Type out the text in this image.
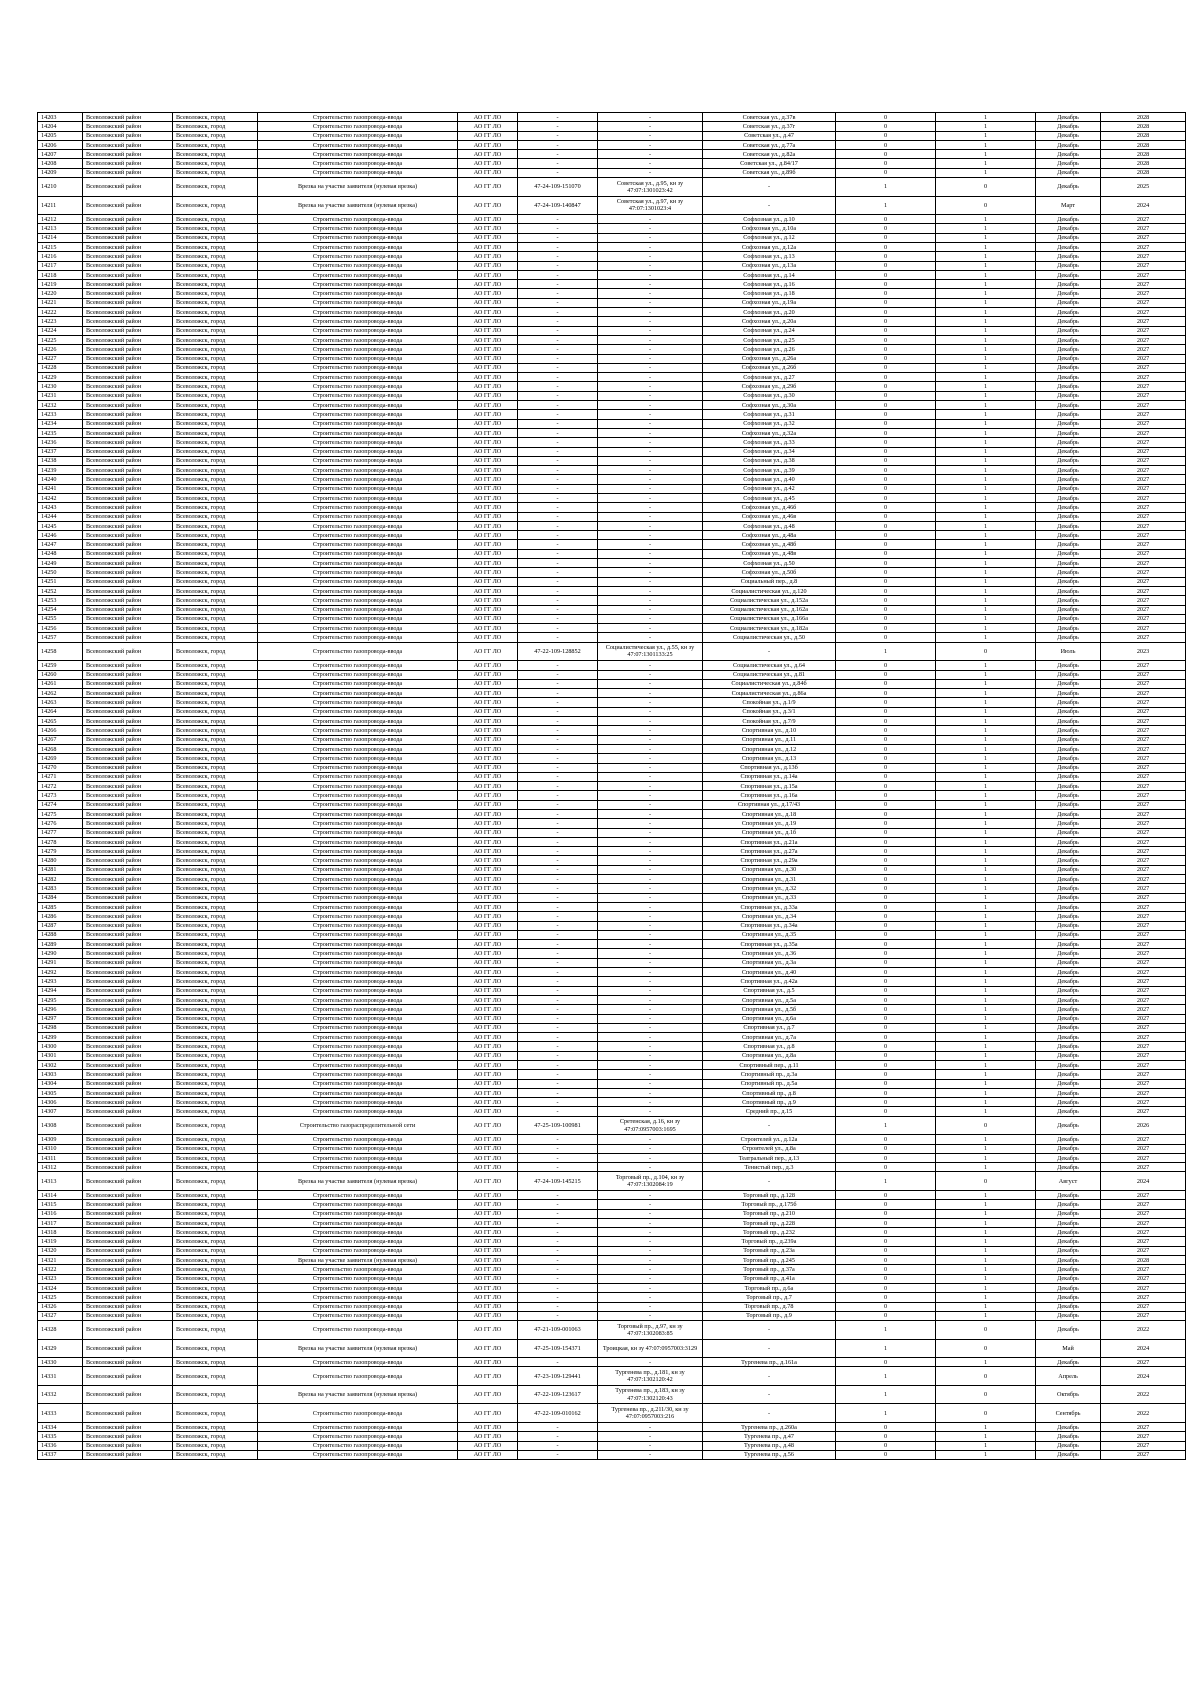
14203	Всеволожский район	Всеволожск, город	Строительство газопровода-ввода	АО ГГ ЛО	-	-	Советская ул., д.37в	0	1	Декабрь	2028
14204	Всеволожский район	Всеволожск, город	Строительство газопровода-ввода	АО ГГ ЛО	-	-	Советская ул., д.37г	0	1	Декабрь	2028
14205	Всеволожский район	Всеволожск, город	Строительство газопровода-ввода	АО ГГ ЛО	-	-	Советская ул., д.47	0	1	Декабрь	2028
14206	Всеволожский район	Всеволожск, город	Строительство газопровода-ввода	АО ГГ ЛО	-	-	Советская ул., д.77а	0	1	Декабрь	2028
14207	Всеволожский район	Всеволожск, город	Строительство газопровода-ввода	АО ГГ ЛО	-	-	Советская ул., д.82а	0	1	Декабрь	2028
14208	Всеволожский район	Всеволожск, город	Строительство газопровода-ввода	АО ГГ ЛО	-	-	Советская ул., д.84/17	0	1	Декабрь	2028
14209	Всеволожский район	Всеволожск, город	Строительство газопровода-ввода	АО ГГ ЛО	-	-	Советская ул., д.89б	0	1	Декабрь	2028
14210	Всеволожский район	Всеволожск, город	Врезка на участке заявителя (нулевая врезка)	АО ГГ ЛО	47-24-109-151070	Советская ул., д.95, кн зу 47:07:1301023:42	-	1	0	Декабрь	2025
14211	Всеволожский район	Всеволожск, город	Врезка на участке заявителя (нулевая врезка)	АО ГГ ЛО	47-24-109-140847	Советская ул., д.97, кн зу 47:07:1301023:4	-	1	0	Март	2024
14212	Всеволожский район	Всеволожск, город	Строительство газопровода-ввода	АО ГГ ЛО	-	-	Софхозная ул., д.10	0	1	Декабрь	2027
14213	Всеволожский район	Всеволожск, город	Строительство газопровода-ввода	АО ГГ ЛО	-	-	Софхозная ул., д.10а	0	1	Декабрь	2027
14214	Всеволожский район	Всеволожск, город	Строительство газопровода-ввода	АО ГГ ЛО	-	-	Софхозная ул., д.12	0	1	Декабрь	2027
14215	Всеволожский район	Всеволожск, город	Строительство газопровода-ввода	АО ГГ ЛО	-	-	Софхозная ул., д.12а	0	1	Декабрь	2027
14216	Всеволожский район	Всеволожск, город	Строительство газопровода-ввода	АО ГГ ЛО	-	-	Софхозная ул., д.13	0	1	Декабрь	2027
14217	Всеволожский район	Всеволожск, город	Строительство газопровода-ввода	АО ГГ ЛО	-	-	Софхозная ул., д.13а	0	1	Декабрь	2027
14218	Всеволожский район	Всеволожск, город	Строительство газопровода-ввода	АО ГГ ЛО	-	-	Софхозная ул., д.14	0	1	Декабрь	2027
14219	Всеволожский район	Всеволожск, город	Строительство газопровода-ввода	АО ГГ ЛО	-	-	Софхозная ул., д.16	0	1	Декабрь	2027
14220	Всеволожский район	Всеволожск, город	Строительство газопровода-ввода	АО ГГ ЛО	-	-	Софхозная ул., д.18	0	1	Декабрь	2027
14221	Всеволожский район	Всеволожск, город	Строительство газопровода-ввода	АО ГГ ЛО	-	-	Софхозная ул., д.19а	0	1	Декабрь	2027
14222	Всеволожский район	Всеволожск, город	Строительство газопровода-ввода	АО ГГ ЛО	-	-	Софхозная ул., д.20	0	1	Декабрь	2027
14223	Всеволожский район	Всеволожск, город	Строительство газопровода-ввода	АО ГГ ЛО	-	-	Софхозная ул., д.20а	0	1	Декабрь	2027
14224	Всеволожский район	Всеволожск, город	Строительство газопровода-ввода	АО ГГ ЛО	-	-	Софхозная ул., д.24	0	1	Декабрь	2027
14225	Всеволожский район	Всеволожск, город	Строительство газопровода-ввода	АО ГГ ЛО	-	-	Софхозная ул., д.25	0	1	Декабрь	2027
14226	Всеволожский район	Всеволожск, город	Строительство газопровода-ввода	АО ГГ ЛО	-	-	Софхозная ул., д.26	0	1	Декабрь	2027
14227	Всеволожский район	Всеволожск, город	Строительство газопровода-ввода	АО ГГ ЛО	-	-	Софхозная ул., д.26а	0	1	Декабрь	2027
14228	Всеволожский район	Всеволожск, город	Строительство газопровода-ввода	АО ГГ ЛО	-	-	Софхозная ул., д.26б	0	1	Декабрь	2027
14229	Всеволожский район	Всеволожск, город	Строительство газопровода-ввода	АО ГГ ЛО	-	-	Софхозная ул., д.27	0	1	Декабрь	2027
14230	Всеволожский район	Всеволожск, город	Строительство газопровода-ввода	АО ГГ ЛО	-	-	Софхозная ул., д.29б	0	1	Декабрь	2027
14231	Всеволожский район	Всеволожск, город	Строительство газопровода-ввода	АО ГГ ЛО	-	-	Софхозная ул., д.30	0	1	Декабрь	2027
14232	Всеволожский район	Всеволожск, город	Строительство газопровода-ввода	АО ГГ ЛО	-	-	Софхозная ул., д.30а	0	1	Декабрь	2027
14233	Всеволожский район	Всеволожск, город	Строительство газопровода-ввода	АО ГГ ЛО	-	-	Софхозная ул., д.31	0	1	Декабрь	2027
14234	Всеволожский район	Всеволожск, город	Строительство газопровода-ввода	АО ГГ ЛО	-	-	Софхозная ул., д.32	0	1	Декабрь	2027
14235	Всеволожский район	Всеволожск, город	Строительство газопровода-ввода	АО ГГ ЛО	-	-	Софхозная ул., д.32а	0	1	Декабрь	2027
14236	Всеволожский район	Всеволожск, город	Строительство газопровода-ввода	АО ГГ ЛО	-	-	Софхозная ул., д.33	0	1	Декабрь	2027
14237	Всеволожский район	Всеволожск, город	Строительство газопровода-ввода	АО ГГ ЛО	-	-	Софхозная ул., д.34	0	1	Декабрь	2027
14238	Всеволожский район	Всеволожск, город	Строительство газопровода-ввода	АО ГГ ЛО	-	-	Софхозная ул., д.38	0	1	Декабрь	2027
14239	Всеволожский район	Всеволожск, город	Строительство газопровода-ввода	АО ГГ ЛО	-	-	Софхозная ул., д.39	0	1	Декабрь	2027
14240	Всеволожский район	Всеволожск, город	Строительство газопровода-ввода	АО ГГ ЛО	-	-	Софхозная ул., д.40	0	1	Декабрь	2027
14241	Всеволожский район	Всеволожск, город	Строительство газопровода-ввода	АО ГГ ЛО	-	-	Софхозная ул., д.42	0	1	Декабрь	2027
14242	Всеволожский район	Всеволожск, город	Строительство газопровода-ввода	АО ГГ ЛО	-	-	Софхозная ул., д.45	0	1	Декабрь	2027
14243	Всеволожский район	Всеволожск, город	Строительство газопровода-ввода	АО ГГ ЛО	-	-	Софхозная ул., д.46б	0	1	Декабрь	2027
14244	Всеволожский район	Всеволожск, город	Строительство газопровода-ввода	АО ГГ ЛО	-	-	Софхозная ул., д.46в	0	1	Декабрь	2027
14245	Всеволожский район	Всеволожск, город	Строительство газопровода-ввода	АО ГГ ЛО	-	-	Софхозная ул., д.48	0	1	Декабрь	2027
14246	Всеволожский район	Всеволожск, город	Строительство газопровода-ввода	АО ГГ ЛО	-	-	Софхозная ул., д.48а	0	1	Декабрь	2027
14247	Всеволожский район	Всеволожск, город	Строительство газопровода-ввода	АО ГГ ЛО	-	-	Софхозная ул., д.48б	0	1	Декабрь	2027
14248	Всеволожский район	Всеволожск, город	Строительство газопровода-ввода	АО ГГ ЛО	-	-	Софхозная ул., д.48в	0	1	Декабрь	2027
14249	Всеволожский район	Всеволожск, город	Строительство газопровода-ввода	АО ГГ ЛО	-	-	Софхозная ул., д.50	0	1	Декабрь	2027
14250	Всеволожский район	Всеволожск, город	Строительство газопровода-ввода	АО ГГ ЛО	-	-	Софхозная ул., д.50б	0	1	Декабрь	2027
14251	Всеволожский район	Всеволожск, город	Строительство газопровода-ввода	АО ГГ ЛО	-	-	Социальный пер., д.8	0	1	Декабрь	2027
14252	Всеволожский район	Всеволожск, город	Строительство газопровода-ввода	АО ГГ ЛО	-	-	Социалистическая ул., д.120	0	1	Декабрь	2027
14253	Всеволожский район	Всеволожск, город	Строительство газопровода-ввода	АО ГГ ЛО	-	-	Социалистическая ул., д.152а	0	1	Декабрь	2027
14254	Всеволожский район	Всеволожск, город	Строительство газопровода-ввода	АО ГГ ЛО	-	-	Социалистическая ул., д.162а	0	1	Декабрь	2027
14255	Всеволожский район	Всеволожск, город	Строительство газопровода-ввода	АО ГГ ЛО	-	-	Социалистическая ул., д.166а	0	1	Декабрь	2027
14256	Всеволожский район	Всеволожск, город	Строительство газопровода-ввода	АО ГГ ЛО	-	-	Социалистическая ул., д.182а	0	1	Декабрь	2027
14257	Всеволожский район	Всеволожск, город	Строительство газопровода-ввода	АО ГГ ЛО	-	-	Социалистическая ул., д.50	0	1	Декабрь	2027
14258	Всеволожский район	Всеволожск, город	Строительство газопровода-ввода	АО ГГ ЛО	47-22-109-128852	Социалистическая ул., д.55, кн зу 47:07:1301133:25	-	1	0	Июль	2023
14259	Всеволожский район	Всеволожск, город	Строительство газопровода-ввода	АО ГГ ЛО	-	-	Социалистическая ул., д.64	0	1	Декабрь	2027
14260	Всеволожский район	Всеволожск, город	Строительство газопровода-ввода	АО ГГ ЛО	-	-	Социалистическая ул., д.81	0	1	Декабрь	2027
14261	Всеволожский район	Всеволожск, город	Строительство газопровода-ввода	АО ГГ ЛО	-	-	Социалистическая ул., д.84б	0	1	Декабрь	2027
14262	Всеволожский район	Всеволожск, город	Строительство газопровода-ввода	АО ГГ ЛО	-	-	Социалистическая ул., д.86а	0	1	Декабрь	2027
14263	Всеволожский район	Всеволожск, город	Строительство газопровода-ввода	АО ГГ ЛО	-	-	Спокойная ул., д.1/9	0	1	Декабрь	2027
14264	Всеволожский район	Всеволожск, город	Строительство газопровода-ввода	АО ГГ ЛО	-	-	Спокойная ул., д.3/1	0	1	Декабрь	2027
14265	Всеволожский район	Всеволожск, город	Строительство газопровода-ввода	АО ГГ ЛО	-	-	Спокойная ул., д.7/9	0	1	Декабрь	2027
14266	Всеволожский район	Всеволожск, город	Строительство газопровода-ввода	АО ГГ ЛО	-	-	Спортивная ул., д.10	0	1	Декабрь	2027
14267	Всеволожский район	Всеволожск, город	Строительство газопровода-ввода	АО ГГ ЛО	-	-	Спортивная ул., д.11	0	1	Декабрь	2027
14268	Всеволожский район	Всеволожск, город	Строительство газопровода-ввода	АО ГГ ЛО	-	-	Спортивная ул., д.12	0	1	Декабрь	2027
14269	Всеволожский район	Всеволожск, город	Строительство газопровода-ввода	АО ГГ ЛО	-	-	Спортивная ул., д.13	0	1	Декабрь	2027
14270	Всеволожский район	Всеволожск, город	Строительство газопровода-ввода	АО ГГ ЛО	-	-	Спортивная ул., д.13б	0	1	Декабрь	2027
14271	Всеволожский район	Всеволожск, город	Строительство газопровода-ввода	АО ГГ ЛО	-	-	Спортивная ул., д.14а	0	1	Декабрь	2027
14272	Всеволожский район	Всеволожск, город	Строительство газопровода-ввода	АО ГГ ЛО	-	-	Спортивная ул., д.15а	0	1	Декабрь	2027
14273	Всеволожский район	Всеволожск, город	Строительство газопровода-ввода	АО ГГ ЛО	-	-	Спортивная ул., д.16а	0	1	Декабрь	2027
14274	Всеволожский район	Всеволожск, город	Строительство газопровода-ввода	АО ГГ ЛО	-	-	Спортивная ул., д.17/43	0	1	Декабрь	2027
14275	Всеволожский район	Всеволожск, город	Строительство газопровода-ввода	АО ГГ ЛО	-	-	Спортивная ул., д.18	0	1	Декабрь	2027
14276	Всеволожский район	Всеволожск, город	Строительство газопровода-ввода	АО ГГ ЛО	-	-	Спортивная ул., д.19	0	1	Декабрь	2027
14277	Всеволожский район	Всеволожск, город	Строительство газопровода-ввода	АО ГГ ЛО	-	-	Спортивная ул., д.1б	0	1	Декабрь	2027
14278	Всеволожский район	Всеволожск, город	Строительство газопровода-ввода	АО ГГ ЛО	-	-	Спортивная ул., д.21а	0	1	Декабрь	2027
14279	Всеволожский район	Всеволожск, город	Строительство газопровода-ввода	АО ГГ ЛО	-	-	Спортивная ул., д.27а	0	1	Декабрь	2027
14280	Всеволожский район	Всеволожск, город	Строительство газопровода-ввода	АО ГГ ЛО	-	-	Спортивная ул., д.29а	0	1	Декабрь	2027
14281	Всеволожский район	Всеволожск, город	Строительство газопровода-ввода	АО ГГ ЛО	-	-	Спортивная ул., д.30	0	1	Декабрь	2027
14282	Всеволожский район	Всеволожск, город	Строительство газопровода-ввода	АО ГГ ЛО	-	-	Спортивная ул., д.31	0	1	Декабрь	2027
14283	Всеволожский район	Всеволожск, город	Строительство газопровода-ввода	АО ГГ ЛО	-	-	Спортивная ул., д.32	0	1	Декабрь	2027
14284	Всеволожский район	Всеволожск, город	Строительство газопровода-ввода	АО ГГ ЛО	-	-	Спортивная ул., д.33	0	1	Декабрь	2027
14285	Всеволожский район	Всеволожск, город	Строительство газопровода-ввода	АО ГГ ЛО	-	-	Спортивная ул., д.33а	0	1	Декабрь	2027
14286	Всеволожский район	Всеволожск, город	Строительство газопровода-ввода	АО ГГ ЛО	-	-	Спортивная ул., д.34	0	1	Декабрь	2027
14287	Всеволожский район	Всеволожск, город	Строительство газопровода-ввода	АО ГГ ЛО	-	-	Спортивная ул., д.34а	0	1	Декабрь	2027
14288	Всеволожский район	Всеволожск, город	Строительство газопровода-ввода	АО ГГ ЛО	-	-	Спортивная ул., д.35	0	1	Декабрь	2027
14289	Всеволожский район	Всеволожск, город	Строительство газопровода-ввода	АО ГГ ЛО	-	-	Спортивная ул., д.35а	0	1	Декабрь	2027
14290	Всеволожский район	Всеволожск, город	Строительство газопровода-ввода	АО ГГ ЛО	-	-	Спортивная ул., д.36	0	1	Декабрь	2027
14291	Всеволожский район	Всеволожск, город	Строительство газопровода-ввода	АО ГГ ЛО	-	-	Спортивная ул., д.3а	0	1	Декабрь	2027
14292	Всеволожский район	Всеволожск, город	Строительство газопровода-ввода	АО ГГ ЛО	-	-	Спортивная ул., д.40	0	1	Декабрь	2027
14293	Всеволожский район	Всеволожск, город	Строительство газопровода-ввода	АО ГГ ЛО	-	-	Спортивная ул., д.42а	0	1	Декабрь	2027
14294	Всеволожский район	Всеволожск, город	Строительство газопровода-ввода	АО ГГ ЛО	-	-	Спортивная ул., д.5	0	1	Декабрь	2027
14295	Всеволожский район	Всеволожск, город	Строительство газопровода-ввода	АО ГГ ЛО	-	-	Спортивная ул., д.5а	0	1	Декабрь	2027
14296	Всеволожский район	Всеволожск, город	Строительство газопровода-ввода	АО ГГ ЛО	-	-	Спортивная ул., д.5б	0	1	Декабрь	2027
14297	Всеволожский район	Всеволожск, город	Строительство газопровода-ввода	АО ГГ ЛО	-	-	Спортивная ул., д.6а	0	1	Декабрь	2027
14298	Всеволожский район	Всеволожск, город	Строительство газопровода-ввода	АО ГГ ЛО	-	-	Спортивная ул., д.7	0	1	Декабрь	2027
14299	Всеволожский район	Всеволожск, город	Строительство газопровода-ввода	АО ГГ ЛО	-	-	Спортивная ул., д.7а	0	1	Декабрь	2027
14300	Всеволожский район	Всеволожск, город	Строительство газопровода-ввода	АО ГГ ЛО	-	-	Спортивная ул., д.8	0	1	Декабрь	2027
14301	Всеволожский район	Всеволожск, город	Строительство газопровода-ввода	АО ГГ ЛО	-	-	Спортивная ул., д.8а	0	1	Декабрь	2027
14302	Всеволожский район	Всеволожск, город	Строительство газопровода-ввода	АО ГГ ЛО	-	-	Спортивный пер., д.11	0	1	Декабрь	2027
14303	Всеволожский район	Всеволожск, город	Строительство газопровода-ввода	АО ГГ ЛО	-	-	Спортивный пр., д.3а	0	1	Декабрь	2027
14304	Всеволожский район	Всеволожск, город	Строительство газопровода-ввода	АО ГГ ЛО	-	-	Спортивный пр., д.5а	0	1	Декабрь	2027
14305	Всеволожский район	Всеволожск, город	Строительство газопровода-ввода	АО ГГ ЛО	-	-	Спортивный пр., д.8	0	1	Декабрь	2027
14306	Всеволожский район	Всеволожск, город	Строительство газопровода-ввода	АО ГГ ЛО	-	-	Спортивный пр., д.9	0	1	Декабрь	2027
14307	Всеволожский район	Всеволожск, город	Строительство газопровода-ввода	АО ГГ ЛО	-	-	Средний пр., д.15	0	1	Декабрь	2027
14308	Всеволожский район	Всеволожск, город	Строительство газораспределительной сети	АО ГГ ЛО	47-25-109-100981	Сретенская, д.16, кн зу 47:07:0957003:1695	-	1	0	Декабрь	2026
14309	Всеволожский район	Всеволожск, город	Строительство газопровода-ввода	АО ГГ ЛО	-	-	Строителей ул., д.12а	0	1	Декабрь	2027
14310	Всеволожский район	Всеволожск, город	Строительство газопровода-ввода	АО ГГ ЛО	-	-	Строителей ул., д.8а	0	1	Декабрь	2027
14311	Всеволожский район	Всеволожск, город	Строительство газопровода-ввода	АО ГГ ЛО	-	-	Театральный пер., д.13	0	1	Декабрь	2027
14312	Всеволожский район	Всеволожск, город	Строительство газопровода-ввода	АО ГГ ЛО	-	-	Тенистый пер., д.3	0	1	Декабрь	2027
14313	Всеволожский район	Всеволожск, город	Врезка на участке заявителя (нулевая врезка)	АО ГГ ЛО	47-24-109-145215	Торговый пр., д.104, кн зу 47:07:1302084:19	-	1	0	Август	2024
14314	Всеволожский район	Всеволожск, город	Строительство газопровода-ввода	АО ГГ ЛО	-	-	Торговый пр., д.128	0	1	Декабрь	2027
14315	Всеволожский район	Всеволожск, город	Строительство газопровода-ввода	АО ГГ ЛО	-	-	Торговый пр., д.175б	0	1	Декабрь	2027
14316	Всеволожский район	Всеволожск, город	Строительство газопровода-ввода	АО ГГ ЛО	-	-	Торговый пр., д.210	0	1	Декабрь	2027
14317	Всеволожский район	Всеволожск, город	Строительство газопровода-ввода	АО ГГ ЛО	-	-	Торговый пр., д.228	0	1	Декабрь	2027
14318	Всеволожский район	Всеволожск, город	Строительство газопровода-ввода	АО ГГ ЛО	-	-	Торговый пр., д.232	0	1	Декабрь	2027
14319	Всеволожский район	Всеволожск, город	Строительство газопровода-ввода	АО ГГ ЛО	-	-	Торговый пр., д.239а	0	1	Декабрь	2027
14320	Всеволожский район	Всеволожск, город	Строительство газопровода-ввода	АО ГГ ЛО	-	-	Торговый пр., д.23а	0	1	Декабрь	2027
14321	Всеволожский район	Всеволожск, город	Врезка на участке заявителя (нулевая врезка)	АО ГГ ЛО	-	-	Торговый пр., д.245	0	1	Декабрь	2028
14322	Всеволожский район	Всеволожск, город	Строительство газопровода-ввода	АО ГГ ЛО	-	-	Торговый пр., д.37а	0	1	Декабрь	2027
14323	Всеволожский район	Всеволожск, город	Строительство газопровода-ввода	АО ГГ ЛО	-	-	Торговый пр., д.41а	0	1	Декабрь	2027
14324	Всеволожский район	Всеволожск, город	Строительство газопровода-ввода	АО ГГ ЛО	-	-	Торговый пр., д.6а	0	1	Декабрь	2027
14325	Всеволожский район	Всеволожск, город	Строительство газопровода-ввода	АО ГГ ЛО	-	-	Торговый пр., д.7	0	1	Декабрь	2027
14326	Всеволожский район	Всеволожск, город	Строительство газопровода-ввода	АО ГГ ЛО	-	-	Торговый пр., д.78	0	1	Декабрь	2027
14327	Всеволожский район	Всеволожск, город	Строительство газопровода-ввода	АО ГГ ЛО	-	-	Торговый пр., д.9	0	1	Декабрь	2027
14328	Всеволожский район	Всеволожск, город	Строительство газопровода-ввода	АО ГГ ЛО	47-21-109-001063	Торговый пр., д.97, кн зу 47:07:1302083:85	-	1	0	Декабрь	2022
14329	Всеволожский район	Всеволожск, город	Врезка на участке заявителя (нулевая врезка)	АО ГГ ЛО	47-25-109-154371	Троицкая, кн зу 47:07:0957003:3129	-	1	0	Май	2024
14330	Всеволожский район	Всеволожск, город	Строительство газопровода-ввода	АО ГГ ЛО	-	-	Тургенева пр., д.161а	0	1	Декабрь	2027
14331	Всеволожский район	Всеволожск, город	Строительство газопровода-ввода	АО ГГ ЛО	47-23-109-129441	Тургенева пр., д.181, кн зу 47:07:1302120:42	-	1	0	Апрель	2024
14332	Всеволожский район	Всеволожск, город	Врезка на участке заявителя (нулевая врезка)	АО ГГ ЛО	47-22-109-123617	Тургенева пр., д.183, кн зу 47:07:1302120:43	-	1	0	Октябрь	2022
14333	Всеволожский район	Всеволожск, город	Строительство газопровода-ввода	АО ГГ ЛО	47-22-109-010162	Тургенева пр., д.211/30, кн зу 47:07:0957003:216	-	1	0	Сентябрь	2022
14334	Всеволожский район	Всеволожск, город	Строительство газопровода-ввода	АО ГГ ЛО	-	-	Тургенева пр., д.260а	0	1	Декабрь	2027
14335	Всеволожский район	Всеволожск, город	Строительство газопровода-ввода	АО ГГ ЛО	-	-	Тургенева пр., д.47	0	1	Декабрь	2027
14336	Всеволожский район	Всеволожск, город	Строительство газопровода-ввода	АО ГГ ЛО	-	-	Тургенева пр., д.48	0	1	Декабрь	2027
14337	Всеволожский район	Всеволожск, город	Строительство газопровода-ввода	АО ГГ ЛО	-	-	Тургенева пр., д.56	0	1	Декабрь	2027
